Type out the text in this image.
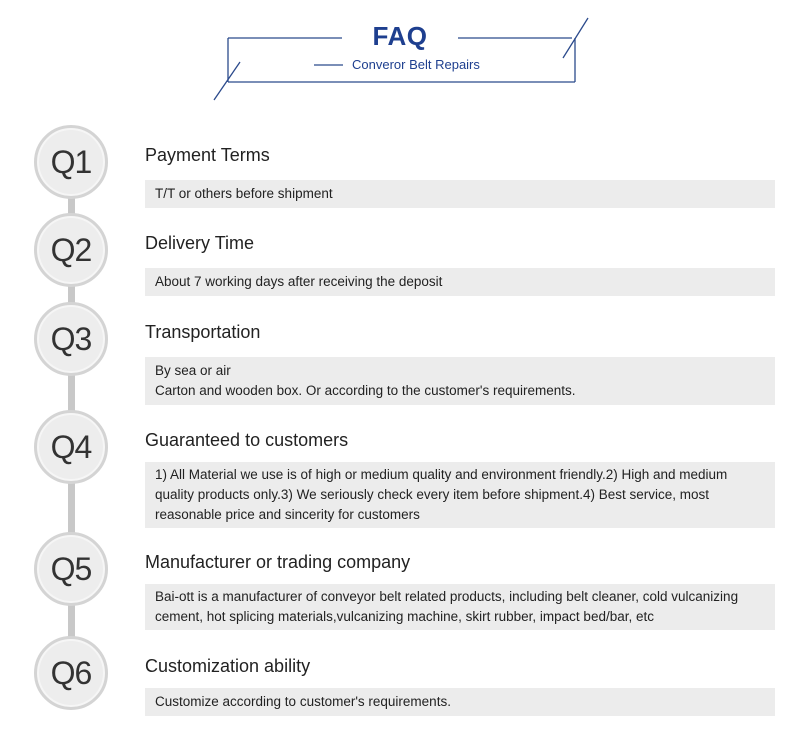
FAQ
Converor Belt Repairs
Q1	Payment Terms
T/T or others before shipment
Q2	Delivery Time
About 7 working days after receiving the deposit
Q3	Transportation
By sea or air
Carton and wooden box. Or according to the customer's requirements.
Q4	Guaranteed to customers
1) All Material we use is of high or medium quality and environment friendly.2) High and medium quality products only.3) We seriously check every item before shipment.4) Best service, most reasonable price and sincerity for customers
Q5	Manufacturer or trading company
Bai-ott is a manufacturer of conveyor belt related products, including belt cleaner, cold vulcanizing cement, hot splicing materials,vulcanizing machine, skirt rubber, impact bed/bar, etc
Q6	Customization ability
Customize according to customer's requirements.
